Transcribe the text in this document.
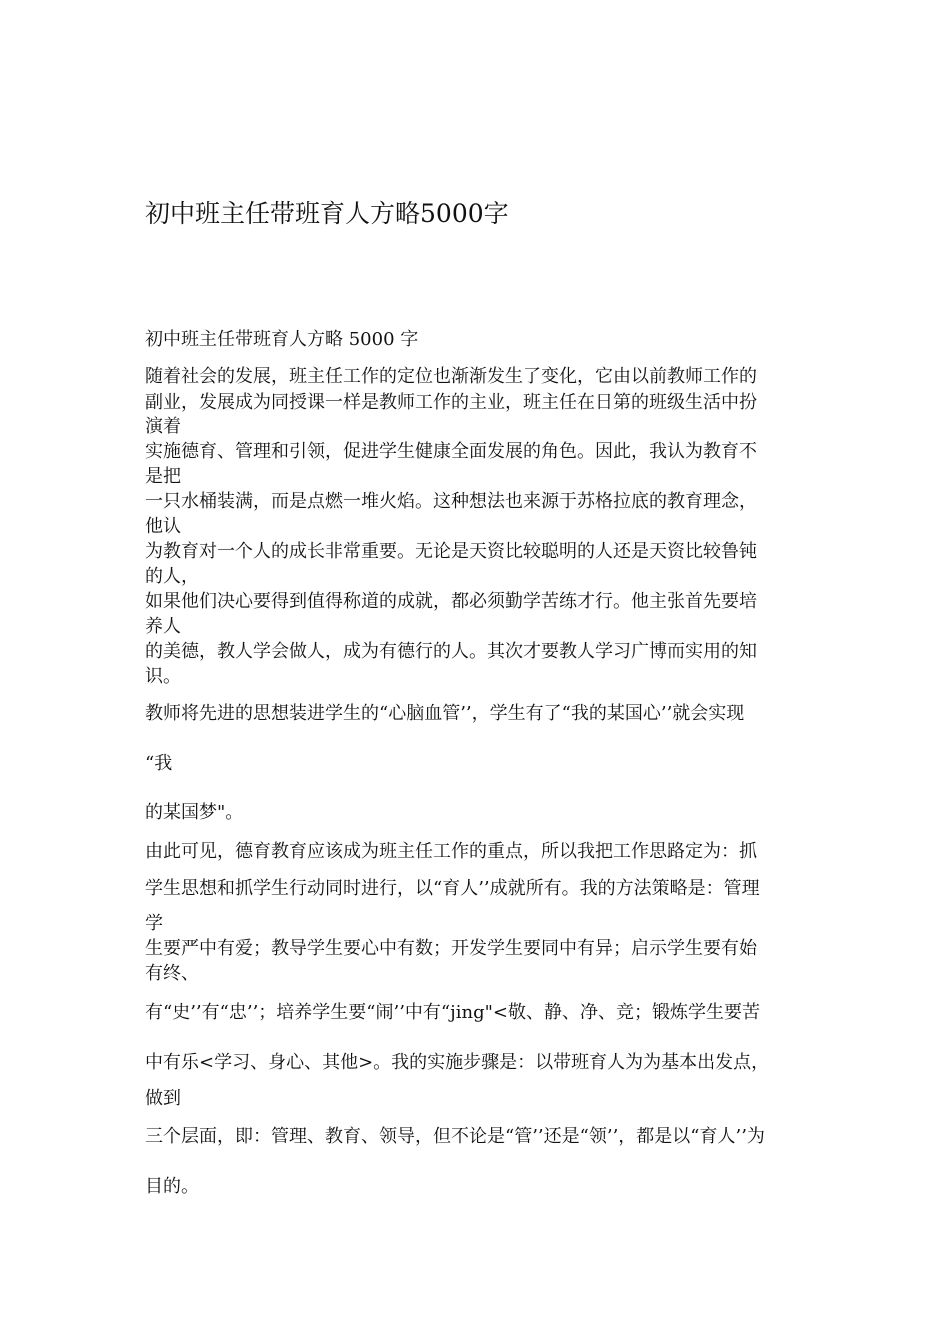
初中班主任带班育人方略5000字
初中班主任带班育人方略 5000 字
随着社会的发展，班主任工作的定位也渐渐发生了变化，它由以前教师工作的
副业，发展成为同授课一样是教师工作的主业，班主任在日第的班级生活中扮
演着
实施德育、管理和引领，促进学生健康全面发展的角色。因此，我认为教育不
是把
一只水桶装满，而是点燃一堆火焰。这种想法也来源于苏格拉底的教育理念，
他认
为教育对一个人的成长非常重要。无论是天资比较聪明的人还是天资比较鲁钝
的人，
如果他们决心要得到值得称道的成就，都必须勤学苦练才行。他主张首先要培
养人
的美德，教人学会做人，成为有德行的人。其次才要教人学习广博而实用的知
识。
教师将先进的思想装进学生的“心脑血管’’，学生有了“我的某国心’’就会实现
“我
的某国梦"。
由此可见，德育教育应该成为班主任工作的重点，所以我把工作思路定为：抓
学生思想和抓学生行动同时进行，以“育人’’成就所有。我的方法策略是：管理
学
生要严中有爱；教导学生要心中有数；开发学生要同中有异；启示学生要有始
有终、
有“史’’有“忠’’；培养学生要“闹’’中有“jing"<敬、静、净、竞；锻炼学生要苦
中有乐<学习、身心、其他>。我的实施步骤是：以带班育人为为基本出发点，
做到
三个层面，即：管理、教育、领导，但不论是“管’’还是“领’’，都是以“育人’’为
目的。
